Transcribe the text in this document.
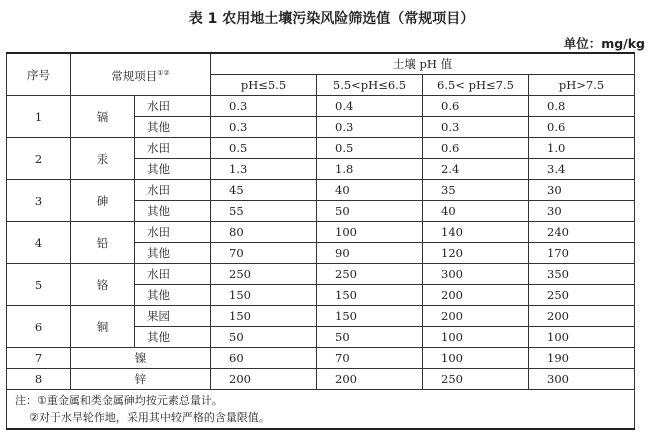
表 1 农用地土壤污染风险筛选值（常规项目）
单位：mg/kg
序号	常规项目①②		土壤 pH 值			
			pH≤5.5	5.5<pH≤6.5	6.5< pH≤7.5	pH>7.5
1	镉	水田	0.3	0.4	0.6	0.8
		其他	0.3	0.3	0.3	0.6
2	汞	水田	0.5	0.5	0.6	1.0
		其他	1.3	1.8	2.4	3.4
3	砷	水田	45	40	35	30
		其他	55	50	40	30
4	铅	水田	80	100	140	240
		其他	70	90	120	170
5	铬	水田	250	250	300	350
		其他	150	150	200	250
6	铜	果园	150	150	200	200
		其他	50	50	100	100
7	镍		60	70	100	190
8	锌		200	200	250	300

注：①重金属和类金属砷均按元素总量计。
②对于水旱轮作地，采用其中较严格的含量限值。						
